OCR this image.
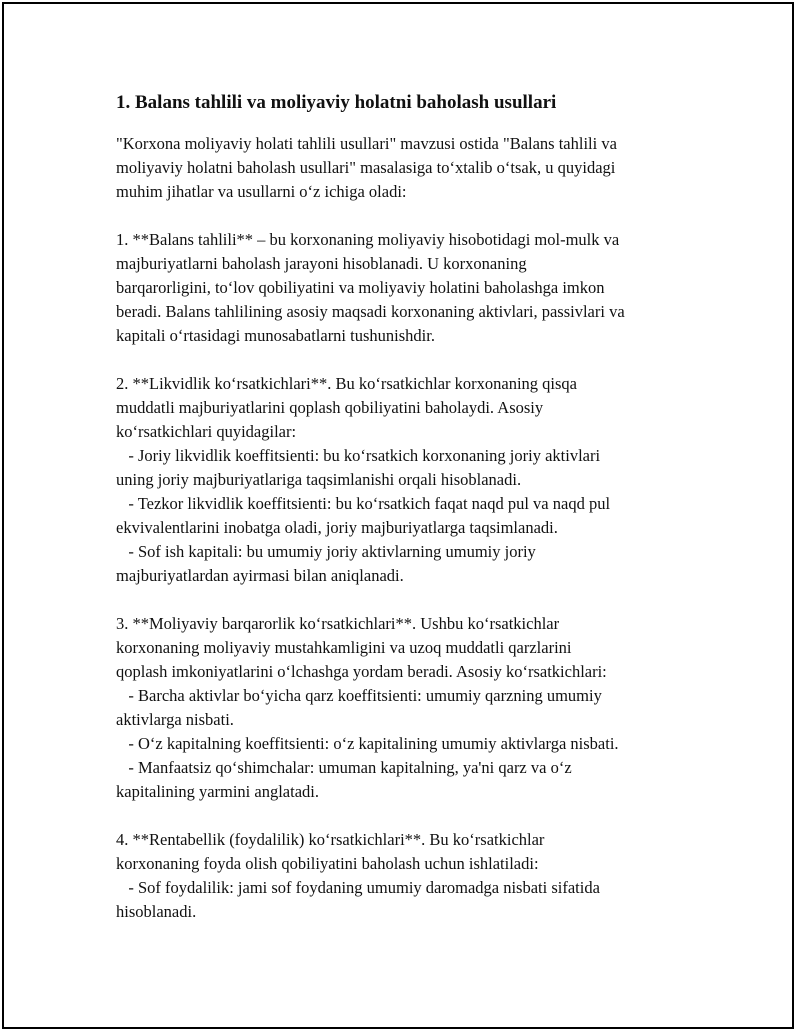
1. Balans tahlili va moliyaviy holatni baholash usullari
"Korxona moliyaviy holati tahlili usullari" mavzusi ostida "Balans tahlili va
moliyaviy holatni baholash usullari" masalasiga to‘xtalib o‘tsak, u quyidagi
muhim jihatlar va usullarni o‘z ichiga oladi:
1. **Balans tahlili** – bu korxonaning moliyaviy hisobotidagi mol-mulk va
majburiyatlarni baholash jarayoni hisoblanadi. U korxonaning
barqarorligini, to‘lov qobiliyatini va moliyaviy holatini baholashga imkon
beradi. Balans tahlilining asosiy maqsadi korxonaning aktivlari, passivlari va
kapitali o‘rtasidagi munosabatlarni tushunishdir.
2. **Likvidlik ko‘rsatkichlari**. Bu ko‘rsatkichlar korxonaning qisqa
muddatli majburiyatlarini qoplash qobiliyatini baholaydi. Asosiy
ko‘rsatkichlari quyidagilar:
- Joriy likvidlik koeffitsienti: bu ko‘rsatkich korxonaning joriy aktivlari
uning joriy majburiyatlariga taqsimlanishi orqali hisoblanadi.
- Tezkor likvidlik koeffitsienti: bu ko‘rsatkich faqat naqd pul va naqd pul
ekvivalentlarini inobatga oladi, joriy majburiyatlarga taqsimlanadi.
- Sof ish kapitali: bu umumiy joriy aktivlarning umumiy joriy
majburiyatlardan ayirmasi bilan aniqlanadi.
3. **Moliyaviy barqarorlik ko‘rsatkichlari**. Ushbu ko‘rsatkichlar
korxonaning moliyaviy mustahkamligini va uzoq muddatli qarzlarini
qoplash imkoniyatlarini o‘lchashga yordam beradi. Asosiy ko‘rsatkichlari:
- Barcha aktivlar bo‘yicha qarz koeffitsienti: umumiy qarzning umumiy
aktivlarga nisbati.
- O‘z kapitalning koeffitsienti: o‘z kapitalining umumiy aktivlarga nisbati.
- Manfaatsiz qo‘shimchalar: umuman kapitalning, ya'ni qarz va o‘z
kapitalining yarmini anglatadi.
4. **Rentabellik (foydalilik) ko‘rsatkichlari**. Bu ko‘rsatkichlar
korxonaning foyda olish qobiliyatini baholash uchun ishlatiladi:
- Sof foydalilik: jami sof foydaning umumiy daromadga nisbati sifatida
hisoblanadi.
